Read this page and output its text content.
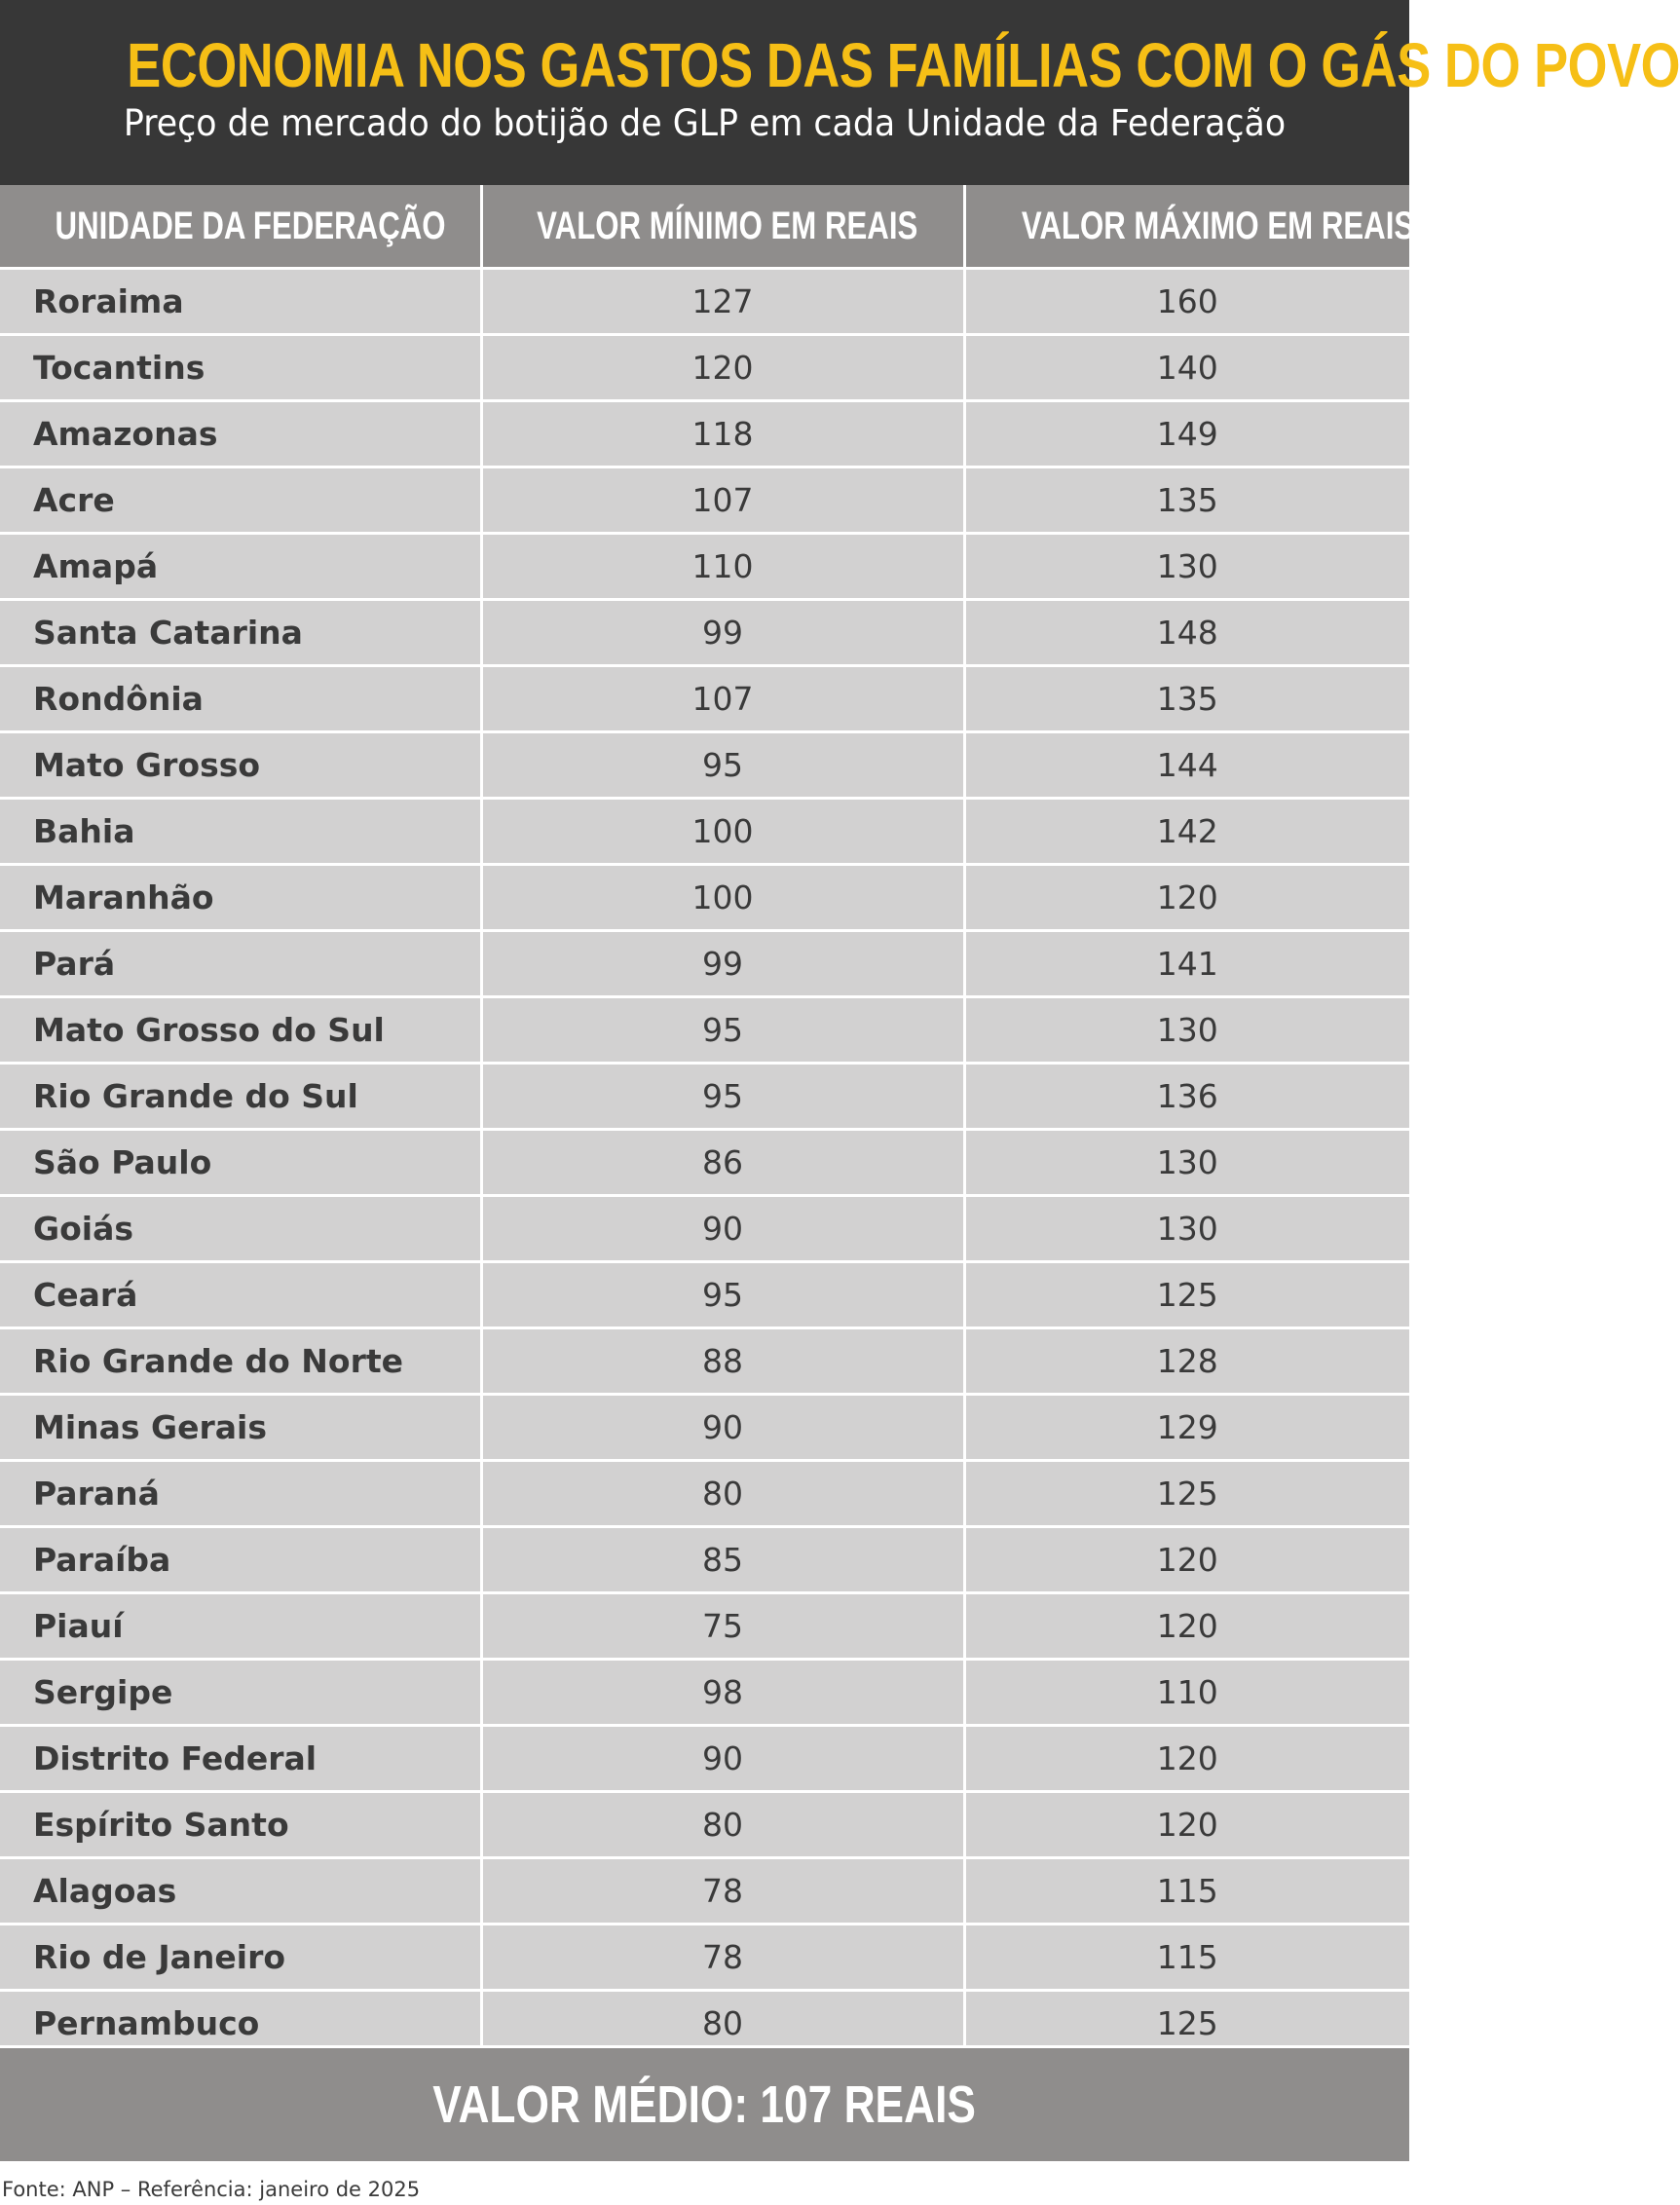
ECONOMIA NOS GASTOS DAS FAMÍLIAS COM O GÁS DO POVO
Preço de mercado do botijão de GLP em cada Unidade da Federação
UNIDADE DA FEDERAÇÃO	VALOR MÍNIMO EM REAIS	VALOR MÁXIMO EM REAIS
Roraima	127	160
Tocantins	120	140
Amazonas	118	149
Acre	107	135
Amapá	110	130
Santa Catarina	99	148
Rondônia	107	135
Mato Grosso	95	144
Bahia	100	142
Maranhão	100	120
Pará	99	141
Mato Grosso do Sul	95	130
Rio Grande do Sul	95	136
São Paulo	86	130
Goiás	90	130
Ceará	95	125
Rio Grande do Norte	88	128
Minas Gerais	90	129
Paraná	80	125
Paraíba	85	120
Piauí	75	120
Sergipe	98	110
Distrito Federal	90	120
Espírito Santo	80	120
Alagoas	78	115
Rio de Janeiro	78	115
Pernambuco	80	125
VALOR MÉDIO: 107 REAIS
Fonte: ANP – Referência: janeiro de 2025
